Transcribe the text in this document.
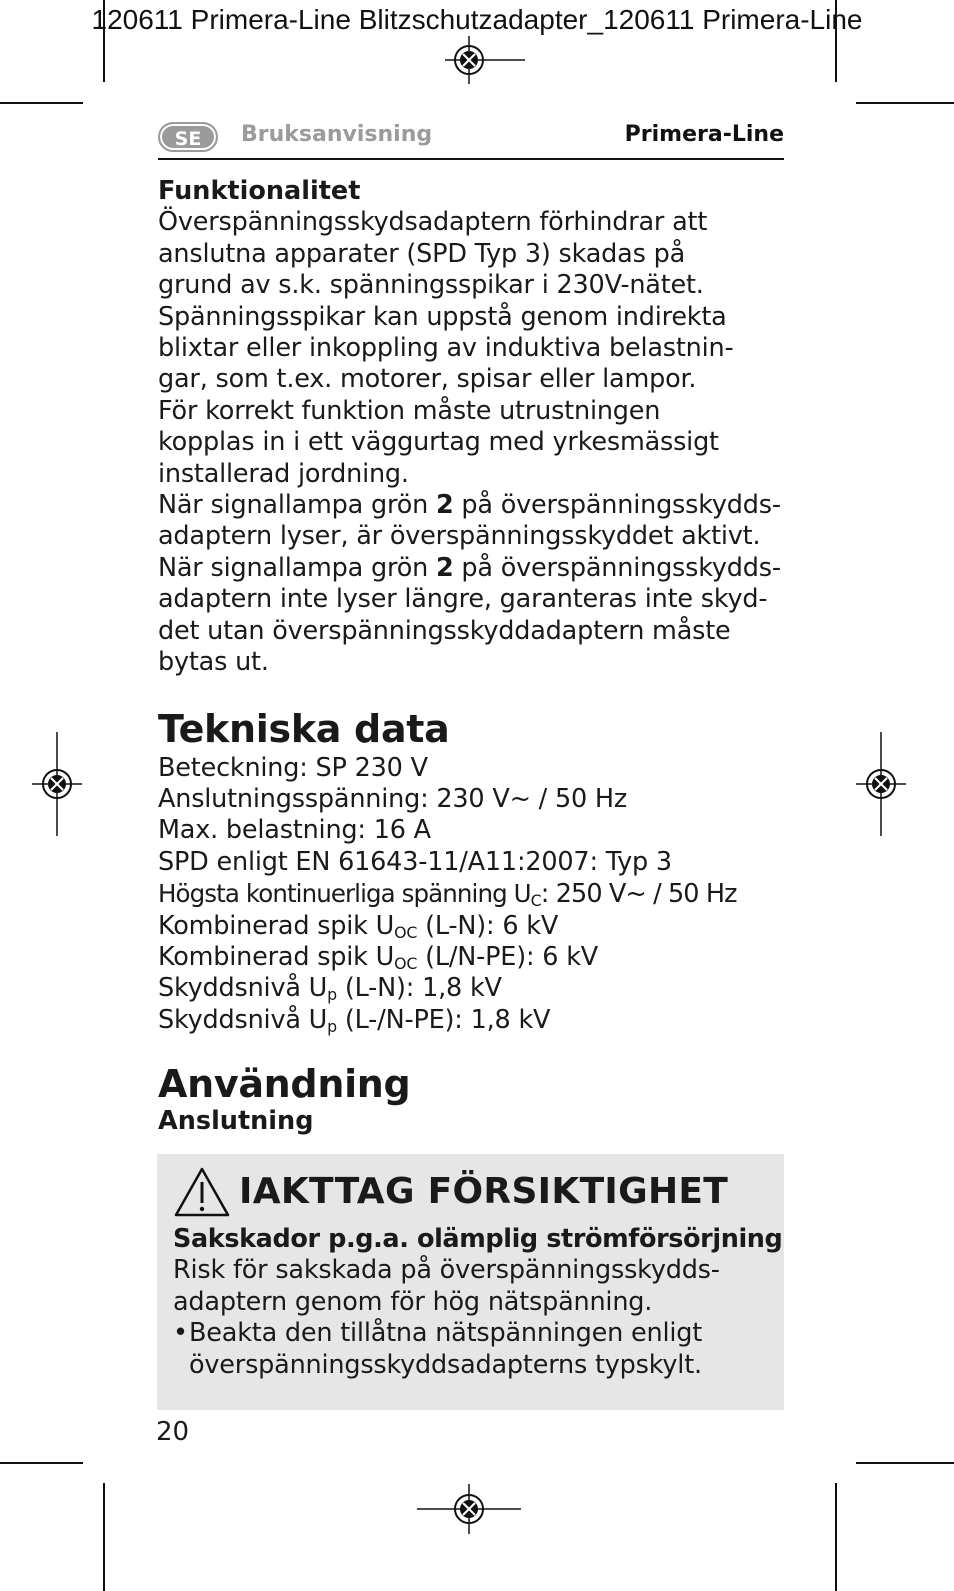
120611 Primera-Line Blitzschutzadapter_120611 Primera-Line
SE	Bruksanvisning	Primera-Line
Funktionalitet
Överspänningsskydsadaptern förhindrar att
anslutna apparater (SPD Typ 3) skadas på
grund av s.k. spänningsspikar i 230V-nätet.
Spänningsspikar kan uppstå genom indirekta
blixtar eller inkoppling av induktiva belastnin-
gar, som t.ex. motorer, spisar eller lampor.
För korrekt funktion måste utrustningen
kopplas in i ett väggurtag med yrkesmässigt
installerad jordning.
När signallampa grön 2 på överspänningsskydds-
adaptern lyser, är överspänningsskyddet aktivt.
När signallampa grön 2 på överspänningsskydds-
adaptern inte lyser längre, garanteras inte skyd-
det utan överspänningsskyddadaptern måste
bytas ut.
Tekniska data
Beteckning: SP 230 V
Anslutningsspänning: 230 V~ / 50 Hz
Max. belastning: 16 A
SPD enligt EN 61643-11/A11:2007: Typ 3
Högsta kontinuerliga spänning $U_C$: 250 V~ / 50 Hz
Kombinerad spik $U_{OC}$ (L-N): 6 kV
Kombinerad spik $U_{OC}$ (L/N-PE): 6 kV
Skyddsnivå $U_p$ (L-N): 1,8 kV
Skyddsnivå $U_p$ (L-/N-PE): 1,8 kV
Användning
Anslutning
IAKTTAG FÖRSIKTIGHET
Sakskador p.g.a. olämplig strömförsörjning
Risk för sakskada på överspänningsskydds-
adaptern genom för hög nätspänning.
•Beakta den tillåtna nätspänningen enligt
överspänningsskyddsadapterns typskylt.
20
